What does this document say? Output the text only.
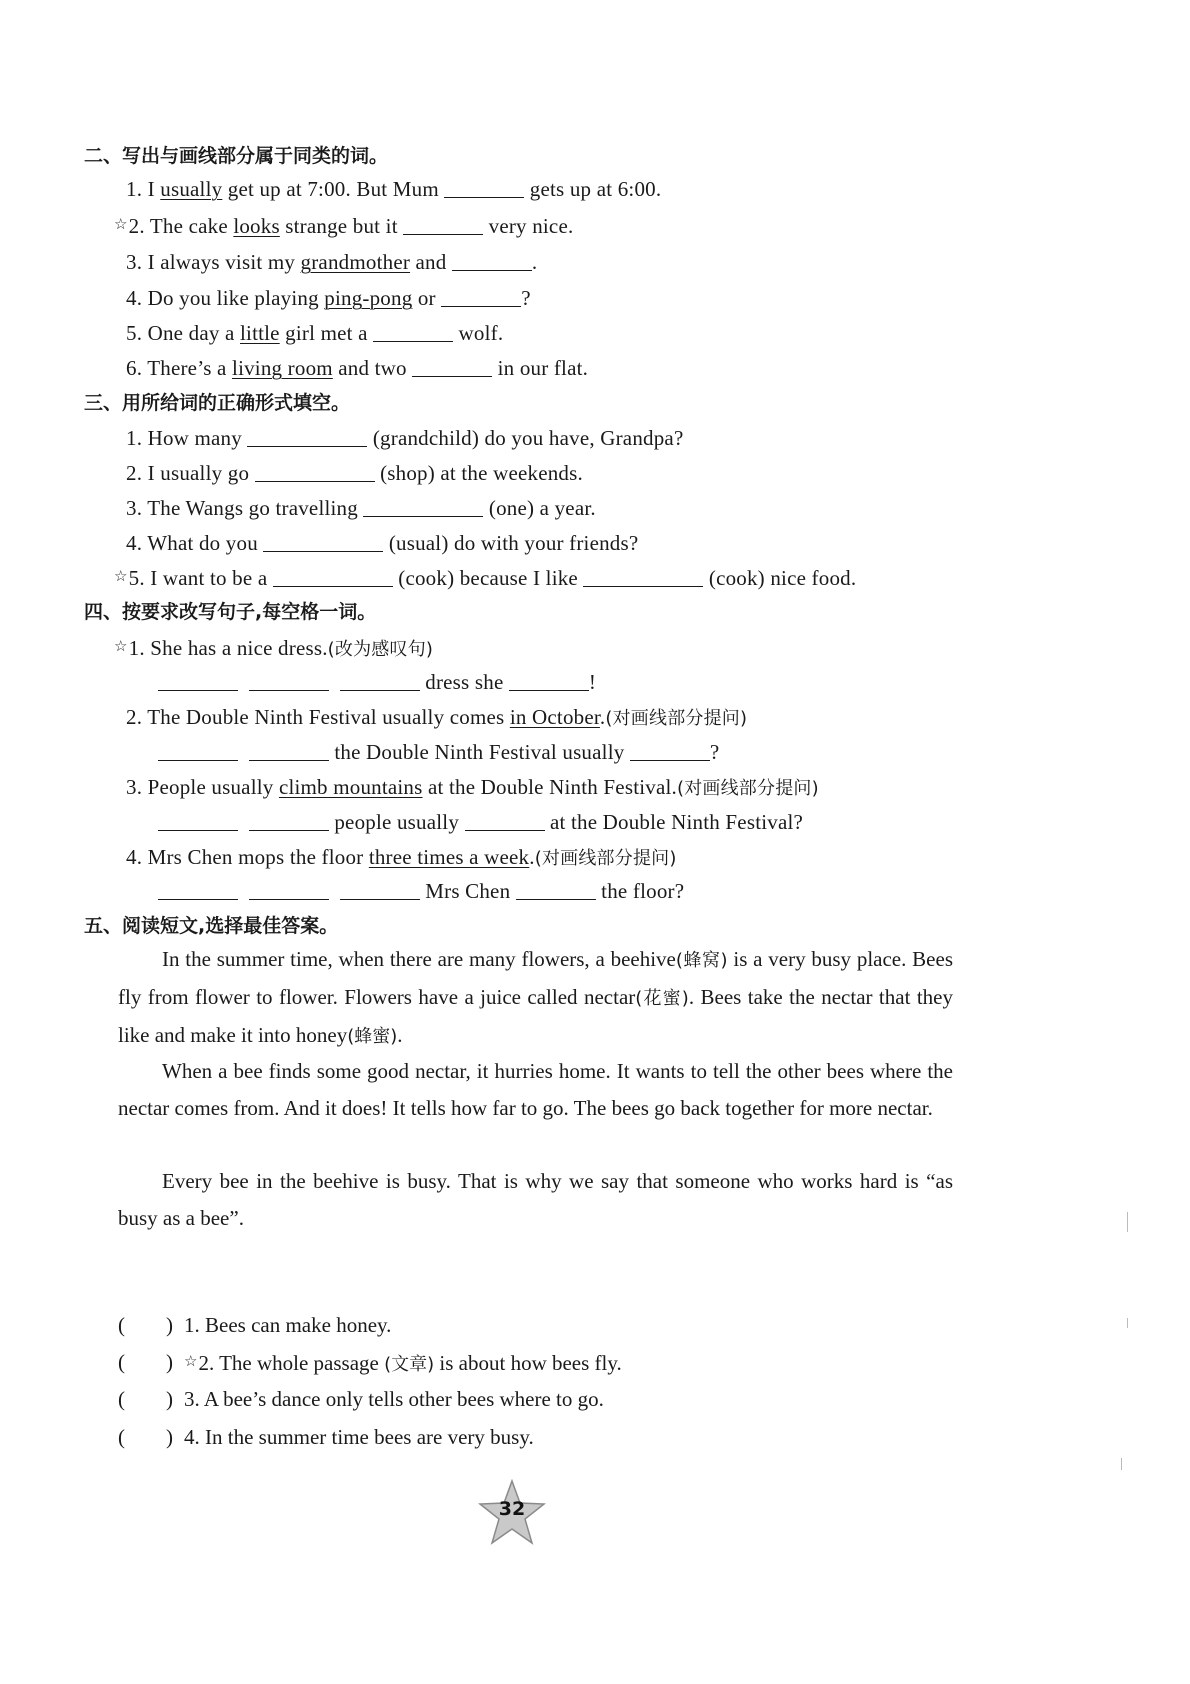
二、写出与画线部分属于同类的词。
1. I usually get up at 7:00. But Mum	gets up at 6:00.
☆2. The cake looks strange but it	very nice.
3. I always visit my grandmother and	.
4. Do you like playing ping-pong or	?
5. One day a little girl met a	wolf.
6. There’s a living room and two	in our flat.
三、用所给词的正确形式填空。
1. How many	(grandchild) do you have, Grandpa?
2. I usually go	(shop) at the weekends.
3. The Wangs go travelling	(one) a year.
4. What do you	(usual) do with your friends?
☆5. I want to be a	(cook) because I like	(cook) nice food.
四、按要求改写句子,每空格一词。
☆1. She has a nice dress.(改为感叹句)
dress she	!
2. The Double Ninth Festival usually comes in October.(对画线部分提问)
the Double Ninth Festival usually	?
3. People usually climb mountains at the Double Ninth Festival.(对画线部分提问)
people usually	at the Double Ninth Festival?
4. Mrs Chen mops the floor three times a week.(对画线部分提问)
Mrs Chen	the floor?
五、阅读短文,选择最佳答案。
In the summer time, when there are many flowers, a beehive(蜂窝) is a very busy place. Bees fly from flower to flower. Flowers have a juice called nectar(花蜜). Bees take the nectar that they like and make it into honey(蜂蜜).
When a bee finds some good nectar, it hurries home. It wants to tell the other bees where the nectar comes from. And it does! It tells how far to go. The bees go back together for more nectar.
Every bee in the beehive is busy. That is why we say that someone who works hard is “as busy as a bee”.
( ) 1. Bees can make honey.
( ) ☆2. The whole passage (文章) is about how bees fly.
( ) 3. A bee’s dance only tells other bees where to go.
( ) 4. In the summer time bees are very busy.
32
